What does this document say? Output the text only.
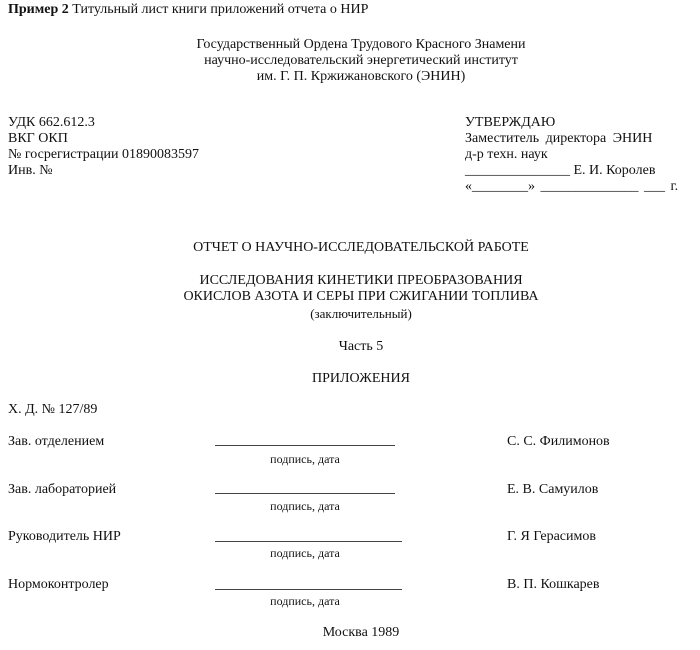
Пример 2 Титульный лист книги приложений отчета о НИР
Государственный Ордена Трудового Красного Знамени
научно-исследовательский энергетический институт
им. Г. П. Кржижановского (ЭНИН)
УДК 662.612.3
ВКГ ОКП
№ госрегистрации 01890083597
Инв. №
УТВЕРЖДАЮ
Заместитель директора ЭНИН
д-р техн. наук
_______________ Е. И. Королев
«________» ______________ ___ г.
ОТЧЕТ О НАУЧНО-ИССЛЕДОВАТЕЛЬСКОЙ РАБОТЕ
ИССЛЕДОВАНИЯ КИНЕТИКИ ПРЕОБРАЗОВАНИЯ
ОКИСЛОВ АЗОТА И СЕРЫ ПРИ СЖИГАНИИ ТОПЛИВА
(заключительный)
Часть 5
ПРИЛОЖЕНИЯ
Х. Д. № 127/89
Зав. отделением
подпись, дата
С. С. Филимонов
Зав. лабораторией
подпись, дата
Е. В. Самуилов
Руководитель НИР
подпись, дата
Г. Я Герасимов
Нормоконтролер
подпись, дата
В. П. Кошкарев
Москва 1989
